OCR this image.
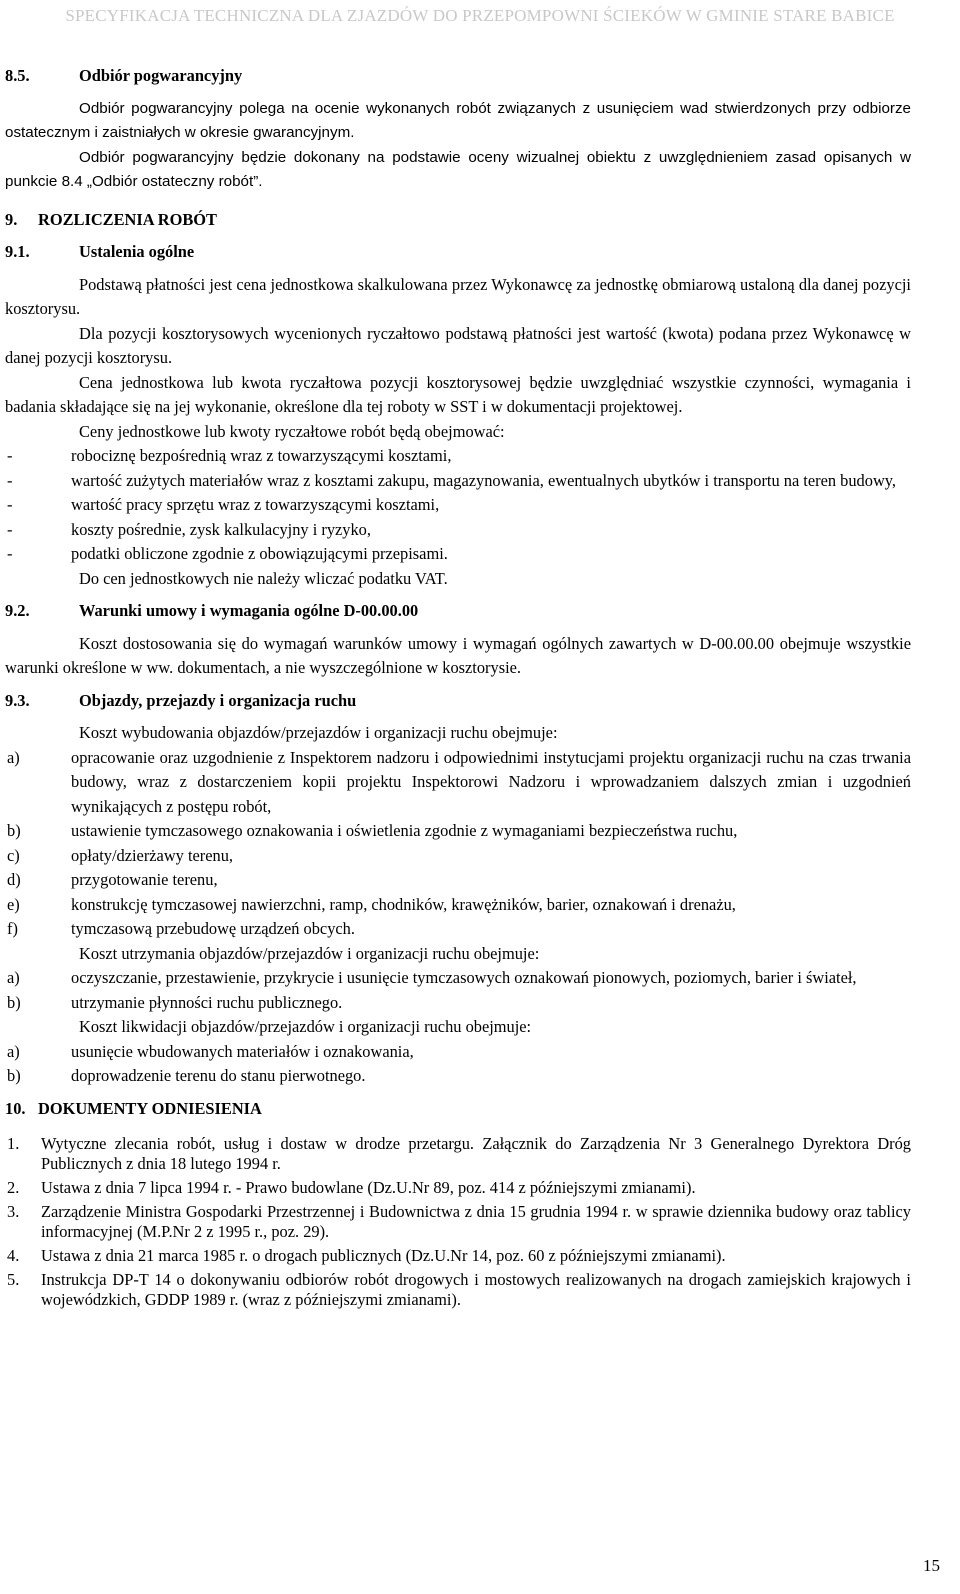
SPECYFIKACJA TECHNICZNA DLA ZJAZDÓW DO PRZEPOMPOWNI ŚCIEKÓW W GMINIE STARE BABICE
8.5.	Odbiór pogwarancyjny

Odbiór pogwarancyjny polega na ocenie wykonanych robót związanych z usunięciem wad stwierdzonych przy odbiorze ostatecznym i zaistniałych w okresie gwarancyjnym.

Odbiór pogwarancyjny będzie dokonany na podstawie oceny wizualnej obiektu z uwzględnieniem zasad opisanych w punkcie 8.4 „Odbiór ostateczny robót”.

9.	ROZLICZENIA ROBÓT
9.1.	Ustalenia ogólne

Podstawą płatności jest cena jednostkowa skalkulowana przez Wykonawcę za jednostkę obmiarową ustaloną dla danej pozycji kosztorysu.

Dla pozycji kosztorysowych wycenionych ryczałtowo podstawą płatności jest wartość (kwota) podana przez Wykonawcę w danej pozycji kosztorysu.

Cena jednostkowa lub kwota ryczałtowa pozycji kosztorysowej będzie uwzględniać wszystkie czynności, wymagania i badania składające się na jej wykonanie, określone dla tej roboty w SST i w dokumentacji projektowej.

Ceny jednostkowe lub kwoty ryczałtowe robót będą obejmować:

-	robociznę bezpośrednią wraz z towarzyszącymi kosztami,
-	wartość zużytych materiałów wraz z kosztami zakupu, magazynowania, ewentualnych ubytków i transportu na teren budowy,
-	wartość pracy sprzętu wraz z towarzyszącymi kosztami,
-	koszty pośrednie, zysk kalkulacyjny i ryzyko,
-	podatki obliczone zgodnie z obowiązującymi przepisami.

Do cen jednostkowych nie należy wliczać podatku VAT.

9.2.	Warunki umowy i wymagania ogólne D-00.00.00

Koszt dostosowania się do wymagań warunków umowy i wymagań ogólnych zawartych w D-00.00.00 obejmuje wszystkie warunki określone w ww. dokumentach, a nie wyszczególnione w kosztorysie.

9.3.	Objazdy, przejazdy i organizacja ruchu

Koszt wybudowania objazdów/przejazdów i organizacji ruchu obejmuje:

a)	opracowanie oraz uzgodnienie z Inspektorem nadzoru i odpowiednimi instytucjami projektu organizacji ruchu na czas trwania budowy, wraz z dostarczeniem kopii projektu Inspektorowi Nadzoru i wprowadzaniem dalszych zmian i uzgodnień wynikających z postępu robót,
b)	ustawienie tymczasowego oznakowania i oświetlenia zgodnie z wymaganiami bezpieczeństwa ruchu,
c)	opłaty/dzierżawy terenu,
d)	przygotowanie terenu,
e)	konstrukcję tymczasowej nawierzchni, ramp, chodników, krawężników, barier, oznakowań i drenażu,
f)	tymczasową przebudowę urządzeń obcych.

Koszt utrzymania objazdów/przejazdów i organizacji ruchu obejmuje:

a)	oczyszczanie, przestawienie, przykrycie i usunięcie tymczasowych oznakowań pionowych, poziomych, barier i świateł,
b)	utrzymanie płynności ruchu publicznego.

Koszt likwidacji objazdów/przejazdów i organizacji ruchu obejmuje:

a)	usunięcie wbudowanych materiałów i oznakowania,
b)	doprowadzenie terenu do stanu pierwotnego.
10. DOKUMENTY ODNIESIENIA
1.	Wytyczne zlecania robót, usług i dostaw w drodze przetargu. Załącznik do Zarządzenia Nr 3 Generalnego Dyrektora Dróg Publicznych z dnia 18 lutego 1994 r.
2.	Ustawa z dnia 7 lipca 1994 r. - Prawo budowlane (Dz.U.Nr 89, poz. 414 z późniejszymi zmianami).
3.	Zarządzenie Ministra Gospodarki Przestrzennej i Budownictwa z dnia 15 grudnia 1994 r. w sprawie dziennika budowy oraz tablicy informacyjnej (M.P.Nr 2 z 1995 r., poz. 29).
4.	Ustawa z dnia 21 marca 1985 r. o drogach publicznych (Dz.U.Nr 14, poz. 60 z późniejszymi zmianami).
5.	Instrukcja DP-T 14 o dokonywaniu odbiorów robót drogowych i mostowych realizowanych na drogach zamiejskich krajowych i wojewódzkich, GDDP 1989 r. (wraz z późniejszymi zmianami).
15
